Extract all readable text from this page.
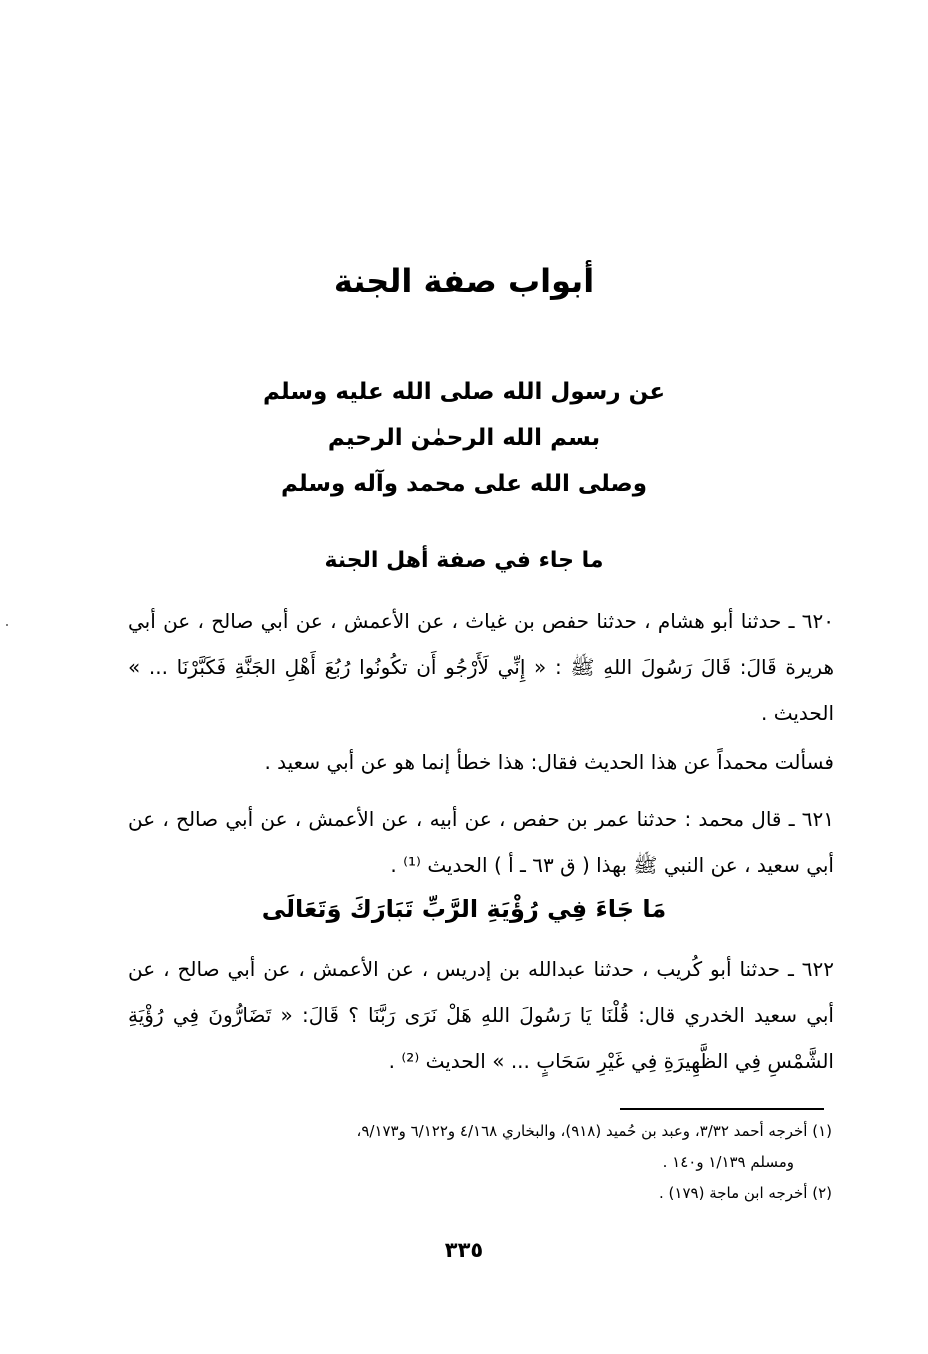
أبواب صفة الجنة
عن رسول الله صلى الله عليه وسلم
بسم الله الرحمٰن الرحيم
وصلى الله على محمد وآله وسلم
ما جاء في صفة أهل الجنة
٦٢٠ ـ حدثنا أبو هشام ، حدثنا حفص بن غياث ، عن الأعمش ، عن أبي صالح ، عن أبي هريرة قَالَ: قَالَ رَسُولَ اللهِ ﷺ : « إِنِّي لَأَرْجُو أَن تكُونُوا رُبُعَ أَهْلِ الجَنَّةِ فَكَبَّرْنَا ... » الحديث .
فسألت محمداً عن هذا الحديث فقال: هذا خطأ إنما هو عن أبي سعيد .
٦٢١ ـ قال محمد : حدثنا عمر بن حفص ، عن أبيه ، عن الأعمش ، عن أبي صالح ، عن أبي سعيد ، عن النبي ﷺ بهذا ( ق ٦٣ ـ أ ) الحديث ⁽¹⁾ .
مَا جَاءَ فِي رُؤْيَةِ الرَّبِّ تَبَارَكَ وَتَعَالَى
٦٢٢ ـ حدثنا أبو كُريب ، حدثنا عبدالله بن إدريس ، عن الأعمش ، عن أبي صالح ، عن أبي سعيد الخدري قال: قُلْنَا يَا رَسُولَ اللهِ هَلْ نَرَى رَبَّنَا ؟ قَالَ: « تَضَارُّونَ فِي رُؤْيَةِ الشَّمْسِ فِي الظَّهِيرَةِ فِي غَيْرِ سَحَابٍ ... » الحديث ⁽²⁾ .

(١) أخرجه أحمد ٣/٣٢، وعبد بن حُميد (٩١٨)، والبخاري ٤/١٦٨ و٦/١٢٢ و٩/١٧٣،

ومسلم ١/١٣٩ و١٤٠ .

(٢) أخرجه ابن ماجة (١٧٩) .

٣٣٥
